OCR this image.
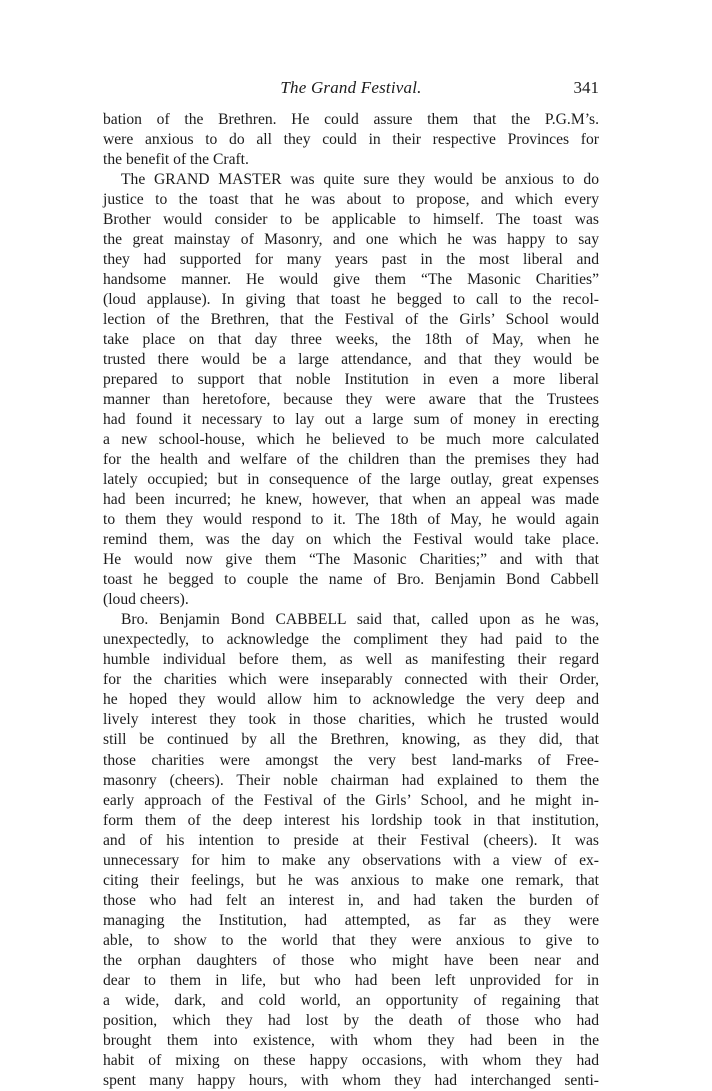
The Grand Festival.	341
bation of the Brethren. He could assure them that the P.G.M’s.
were anxious to do all they could in their respective Provinces for
the benefit of the Craft.
The GRAND MASTER was quite sure they would be anxious to do
justice to the toast that he was about to propose, and which every
Brother would consider to be applicable to himself. The toast was
the great mainstay of Masonry, and one which he was happy to say
they had supported for many years past in the most liberal and
handsome manner. He would give them “The Masonic Charities”
(loud applause). In giving that toast he begged to call to the recol-
lection of the Brethren, that the Festival of the Girls’ School would
take place on that day three weeks, the 18th of May, when he
trusted there would be a large attendance, and that they would be
prepared to support that noble Institution in even a more liberal
manner than heretofore, because they were aware that the Trustees
had found it necessary to lay out a large sum of money in erecting
a new school-house, which he believed to be much more calculated
for the health and welfare of the children than the premises they had
lately occupied; but in consequence of the large outlay, great expenses
had been incurred; he knew, however, that when an appeal was made
to them they would respond to it. The 18th of May, he would again
remind them, was the day on which the Festival would take place.
He would now give them “The Masonic Charities;” and with that
toast he begged to couple the name of Bro. Benjamin Bond Cabbell
(loud cheers).
Bro. Benjamin Bond CABBELL said that, called upon as he was,
unexpectedly, to acknowledge the compliment they had paid to the
humble individual before them, as well as manifesting their regard
for the charities which were inseparably connected with their Order,
he hoped they would allow him to acknowledge the very deep and
lively interest they took in those charities, which he trusted would
still be continued by all the Brethren, knowing, as they did, that
those charities were amongst the very best land-marks of Free-
masonry (cheers). Their noble chairman had explained to them the
early approach of the Festival of the Girls’ School, and he might in-
form them of the deep interest his lordship took in that institution,
and of his intention to preside at their Festival (cheers). It was
unnecessary for him to make any observations with a view of ex-
citing their feelings, but he was anxious to make one remark, that
those who had felt an interest in, and had taken the burden of
managing the Institution, had attempted, as far as they were
able, to show to the world that they were anxious to give to
the orphan daughters of those who might have been near and
dear to them in life, but who had been left unprovided for in
a wide, dark, and cold world, an opportunity of regaining that
position, which they had lost by the death of those who had
brought them into existence, with whom they had been in the
habit of mixing on these happy occasions, with whom they had
spent many happy hours, with whom they had interchanged senti-
